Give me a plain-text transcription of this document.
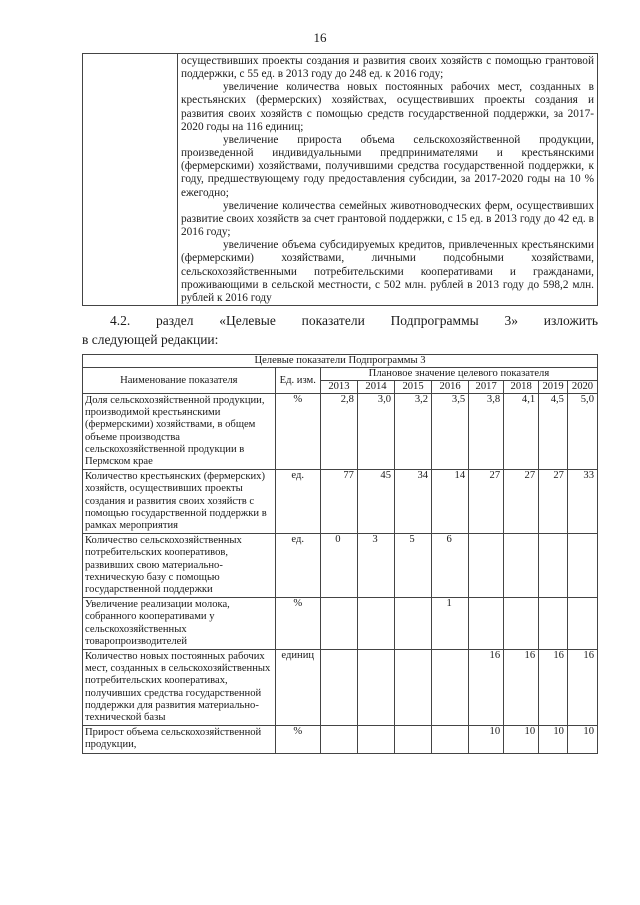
16

осуществивших проекты создания и развития своих хозяйств с помощью грантовой поддержки, с 55 ед. в 2013 году до 248 ед. к 2016 году;

увеличение количества новых постоянных рабочих мест, созданных в крестьянских (фермерских) хозяйствах, осуществивших проекты создания и развития своих хозяйств с помощью средств государственной поддержки, за 2017-2020 годы на 116 единиц;

увеличение прироста объема сельскохозяйственной продукции, произведенной индивидуальными предпринимателями и крестьянскими (фермерскими) хозяйствами, получившими средства государственной поддержки, к году, предшествующему году предоставления субсидии, за 2017-2020 годы на 10 % ежегодно;

увеличение количества семейных животноводческих ферм, осуществивших развитие своих хозяйств за счет грантовой поддержки, с 15 ед. в 2013 году до 42 ед. в 2016 году;

увеличение объема субсидируемых кредитов, привлеченных крестьянскими (фермерскими) хозяйствами, личными подсобными хозяйствами, сельскохозяйственными потребительскими кооперативами и гражданами, проживающими в сельской местности, с 502 млн. рублей в 2013 году до 598,2 млн. рублей к 2016 году

4.2. раздел «Целевые показатели Подпрограммы 3» изложить
в следующей редакции:
Целевые показатели Подпрограммы 3									
Наименование показателя	Ед. изм.	Плановое значение целевого показателя							
		2013	2014	2015	2016	2017	2018	2019	2020
Доля сельскохозяйственной продукции, производимой крестьянскими (фермерскими) хозяйствами, в общем объеме производства сельскохозяйственной продукции в Пермском крае	%	2,8	3,0	3,2	3,5	3,8	4,1	4,5	5,0
Количество крестьянских (фермерских) хозяйств, осуществивших проекты создания и развития своих хозяйств с помощью государственной поддержки в рамках мероприятия	ед.	77	45	34	14	27	27	27	33
Количество сельскохозяйственных потребительских кооперативов, развивших свою материально-техническую базу с помощью государственной поддержки	ед.	0	3	5	6				
Увеличение реализации молока, собранного кооперативами у сельскохозяйственных товаропроизводителей	%				1				
Количество новых постоянных рабочих мест, созданных в сельскохозяйственных потребительских кооперативах, получивших средства государственной поддержки для развития материально-технической базы	единиц					16	16	16	16
Прирост объема сельскохозяйственной продукции,	%					10	10	10	10
